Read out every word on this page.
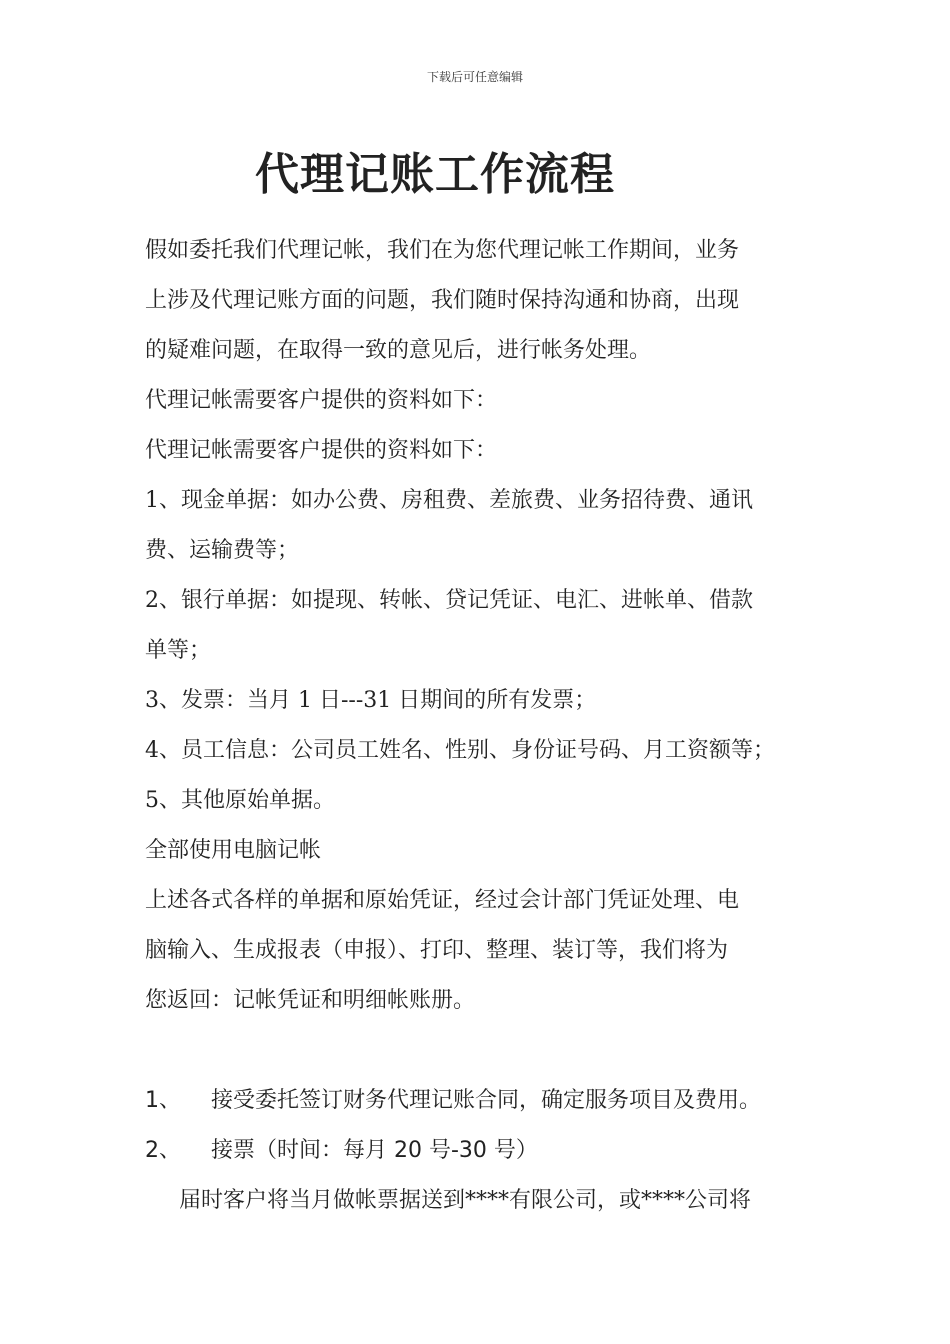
下载后可任意编辑
代理记账工作流程
假如委托我们代理记帐，我们在为您代理记帐工作期间，业务
上涉及代理记账方面的问题，我们随时保持沟通和协商，出现
的疑难问题，在取得一致的意见后，进行帐务处理。
代理记帐需要客户提供的资料如下：
代理记帐需要客户提供的资料如下：
1、现金单据：如办公费、房租费、差旅费、业务招待费、通讯
费、运输费等；
2、银行单据：如提现、转帐、贷记凭证、电汇、进帐单、借款
单等；
3、发票：当月 1 日---31 日期间的所有发票；
4、员工信息：公司员工姓名、性别、身份证号码、月工资额等；
5、其他原始单据。
全部使用电脑记帐
上述各式各样的单据和原始凭证，经过会计部门凭证处理、电
脑输入、生成报表（申报）、打印、整理、装订等，我们将为
您返回：记帐凭证和明细帐账册。
1、 接受委托签订财务代理记账合同，确定服务项目及费用。
2、 接票（时间：每月 20 号-30 号）
届时客户将当月做帐票据送到****有限公司，或****公司将
